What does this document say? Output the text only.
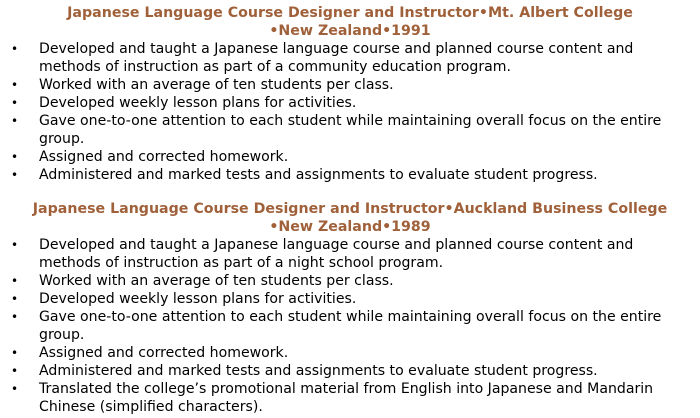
Japanese Language Course Designer and Instructor•Mt. Albert College
•New Zealand•1991
• Developed and taught a Japanese language course and planned course content and methods of instruction as part of a community education program.
• Worked with an average of ten students per class.
• Developed weekly lesson plans for activities.
• Gave one-to-one attention to each student while maintaining overall focus on the entire group.
• Assigned and corrected homework.
• Administered and marked tests and assignments to evaluate student progress.
Japanese Language Course Designer and Instructor•Auckland Business College
•New Zealand•1989
• Developed and taught a Japanese language course and planned course content and methods of instruction as part of a night school program.
• Worked with an average of ten students per class.
• Developed weekly lesson plans for activities.
• Gave one-to-one attention to each student while maintaining overall focus on the entire group.
• Assigned and corrected homework.
• Administered and marked tests and assignments to evaluate student progress.
• Translated the college’s promotional material from English into Japanese and Mandarin Chinese (simplified characters).
